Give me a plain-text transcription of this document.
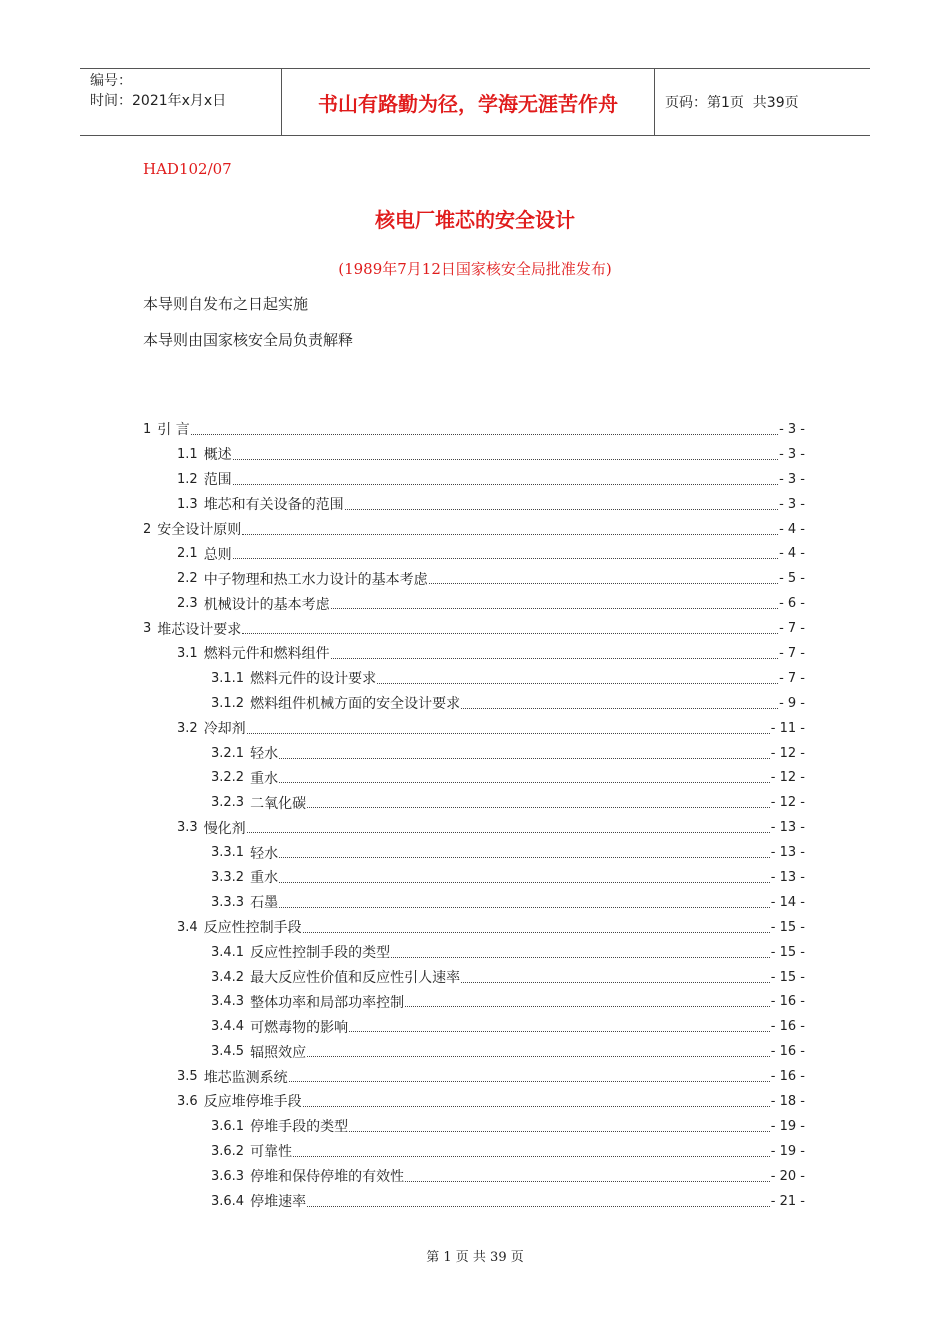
编号：
时间：2021年x月x日	书山有路勤为径，学海无涯苦作舟	页码：第1页  共39页
HAD102/07
核电厂堆芯的安全设计
(1989年7月12日国家核安全局批准发布)
本导则自发布之日起实施
本导则由国家核安全局负责解释
1 引 言	- 3 -
1.1 概述	- 3 -
1.2 范围	- 3 -
1.3 堆芯和有关设备的范围	- 3 -
2 安全设计原则	- 4 -
2.1 总则	- 4 -
2.2 中子物理和热工水力设计的基本考虑	- 5 -
2.3 机械设计的基本考虑	- 6 -
3 堆芯设计要求	- 7 -
3.1 燃料元件和燃料组件	- 7 -
3.1.1 燃料元件的设计要求	- 7 -
3.1.2 燃料组件机械方面的安全设计要求	- 9 -
3.2 冷却剂	- 11 -
3.2.1 轻水	- 12 -
3.2.2 重水	- 12 -
3.2.3 二氧化碳	- 12 -
3.3 慢化剂	- 13 -
3.3.1 轻水	- 13 -
3.3.2 重水	- 13 -
3.3.3 石墨	- 14 -
3.4 反应性控制手段	- 15 -
3.4.1 反应性控制手段的类型	- 15 -
3.4.2 最大反应性价值和反应性引人速率	- 15 -
3.4.3 整体功率和局部功率控制	- 16 -
3.4.4 可燃毒物的影响	- 16 -
3.4.5 辐照效应	- 16 -
3.5 堆芯监测系统	- 16 -
3.6 反应堆停堆手段	- 18 -
3.6.1 停堆手段的类型	- 19 -
3.6.2 可靠性	- 19 -
3.6.3 停堆和保侍停堆的有效性	- 20 -
3.6.4 停堆速率	- 21 -
第 1 页 共 39 页
